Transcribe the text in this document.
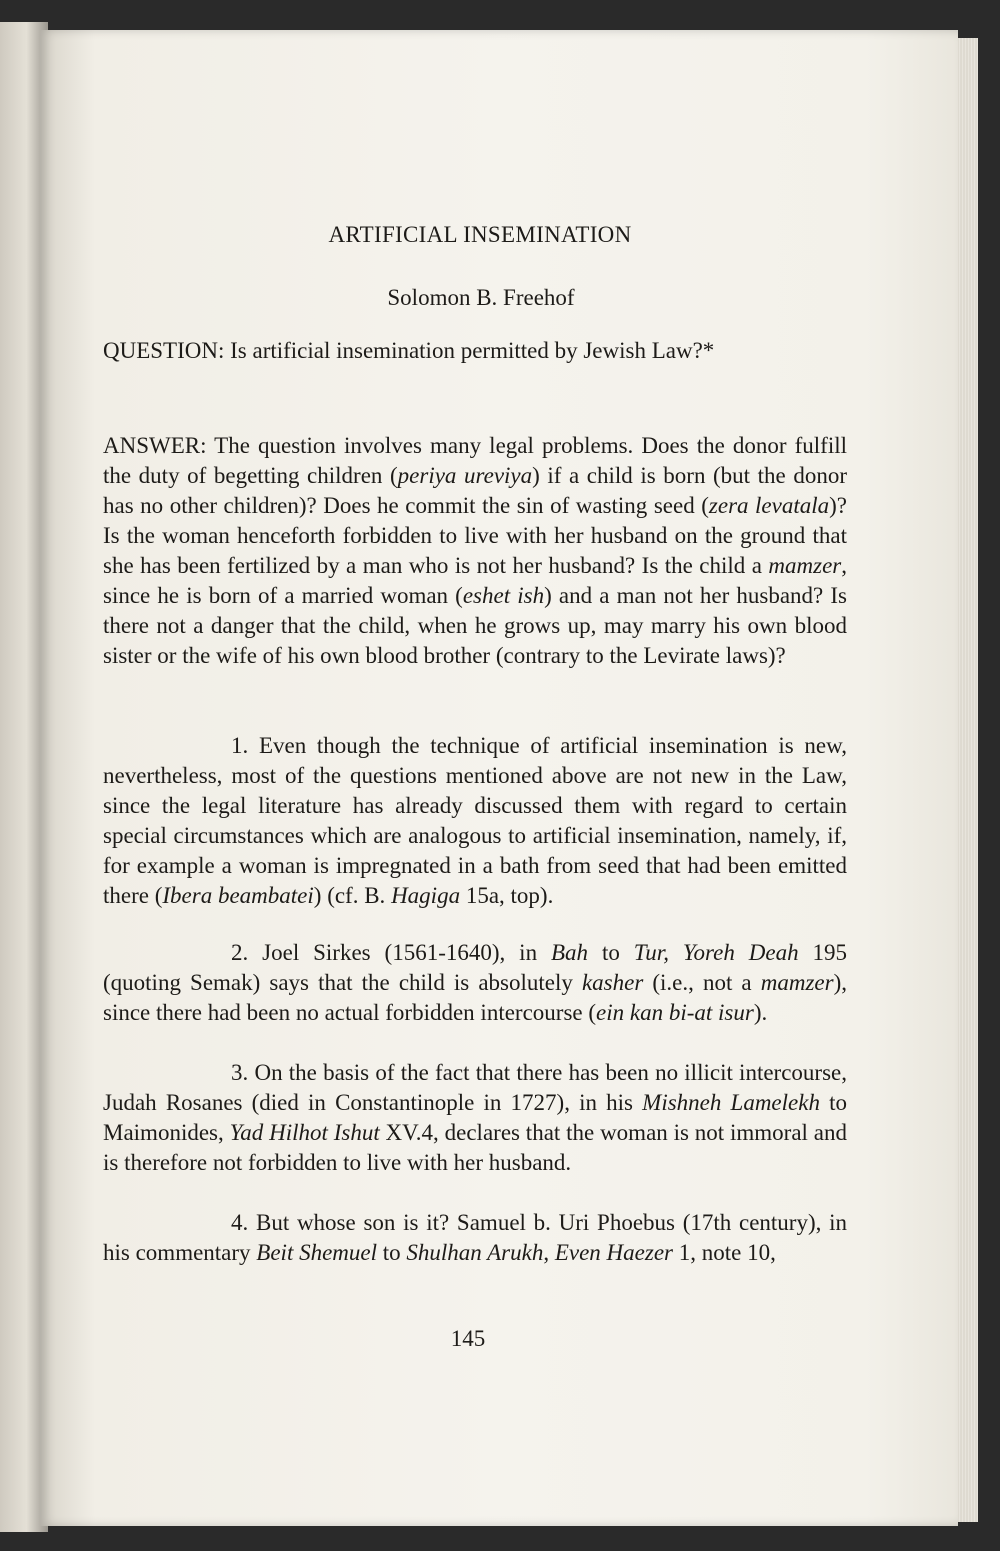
ARTIFICIAL INSEMINATION
Solomon B. Freehof
QUESTION: Is artificial insemination permitted by Jewish Law?*
ANSWER: The question involves many legal problems. Does the donor fulfill the duty of begetting children (periya ureviya) if a child is born (but the donor has no other children)? Does he commit the sin of wasting seed (zera levatala)? Is the woman henceforth forbidden to live with her husband on the ground that she has been fertilized by a man who is not her husband? Is the child a mamzer, since he is born of a married woman (eshet ish) and a man not her husband? Is there not a danger that the child, when he grows up, may marry his own blood sister or the wife of his own blood brother (contrary to the Levirate laws)?
1. Even though the technique of artificial insemination is new, nevertheless, most of the questions mentioned above are not new in the Law, since the legal literature has already discussed them with regard to certain special circumstances which are analogous to artificial insemination, namely, if, for example a woman is impregnated in a bath from seed that had been emitted there (Ibera beambatei) (cf. B. Hagiga 15a, top).
2. Joel Sirkes (1561-1640), in Bah to Tur, Yoreh Deah 195 (quoting Semak) says that the child is absolutely kasher (i.e., not a mamzer), since there had been no actual forbidden intercourse (ein kan bi-at isur).
3. On the basis of the fact that there has been no illicit intercourse, Judah Rosanes (died in Constantinople in 1727), in his Mishneh Lamelekh to Maimonides, Yad Hilhot Ishut XV.4, declares that the woman is not immoral and is therefore not forbidden to live with her husband.
4. But whose son is it? Samuel b. Uri Phoebus (17th century), in his commentary Beit Shemuel to Shulhan Arukh, Even Haezer 1, note 10,
145
